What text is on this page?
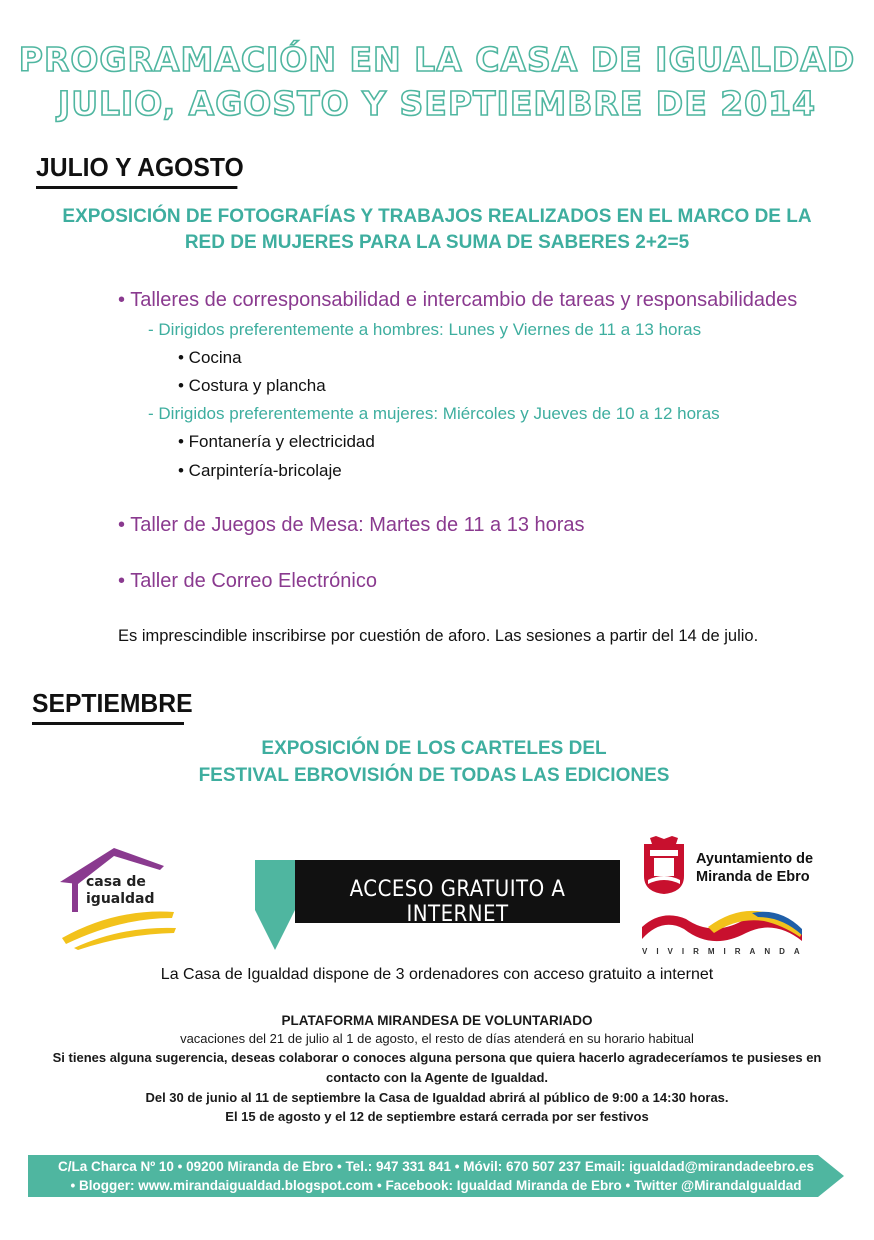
PROGRAMACIÓN EN LA CASA DE IGUALDAD
JULIO, AGOSTO Y SEPTIEMBRE DE 2014
JULIO Y AGOSTO
EXPOSICIÓN DE FOTOGRAFÍAS Y TRABAJOS REALIZADOS EN EL MARCO DE LA
RED DE MUJERES PARA LA SUMA DE SABERES 2+2=5
• Talleres de corresponsabilidad e intercambio de tareas y responsabilidades
- Dirigidos preferentemente a hombres: Lunes y Viernes de 11 a 13 horas
• Cocina
• Costura y plancha
- Dirigidos preferentemente a mujeres: Miércoles y Jueves de 10 a 12 horas
• Fontanería y electricidad
• Carpintería-bricolaje
• Taller de Juegos de Mesa: Martes de 11 a 13 horas
• Taller de Correo Electrónico
Es imprescindible inscribirse por cuestión de aforo. Las sesiones a partir del 14 de julio.
SEPTIEMBRE
EXPOSICIÓN DE LOS CARTELES DEL
FESTIVAL EBROVISIÓN DE TODAS LAS EDICIONES
casa de
igualdad	ACCESO GRATUITO A INTERNET
Ayuntamiento de
Miranda de Ebro
VIVIRMIRANDA
La Casa de Igualdad dispone de 3 ordenadores con acceso gratuito a internet
PLATAFORMA MIRANDESA DE VOLUNTARIADO
vacaciones del 21 de julio al 1 de agosto, el resto de días atenderá en su horario habitual
Si tienes alguna sugerencia, deseas colaborar o conoces alguna persona que quiera hacerlo agradeceríamos te pusieses en
contacto con la Agente de Igualdad.
Del 30 de junio al 11 de septiembre la Casa de Igualdad abrirá al público de 9:00 a 14:30 horas.
El 15 de agosto y el 12 de septiembre estará cerrada por ser festivos
C/La Charca Nº 10 • 09200 Miranda de Ebro • Tel.: 947 331 841 • Móvil: 670 507 237 Email: igualdad@mirandadeebro.es
• Blogger: www.mirandaigualdad.blogspot.com • Facebook: Igualdad Miranda de Ebro • Twitter @MirandaIgualdad
